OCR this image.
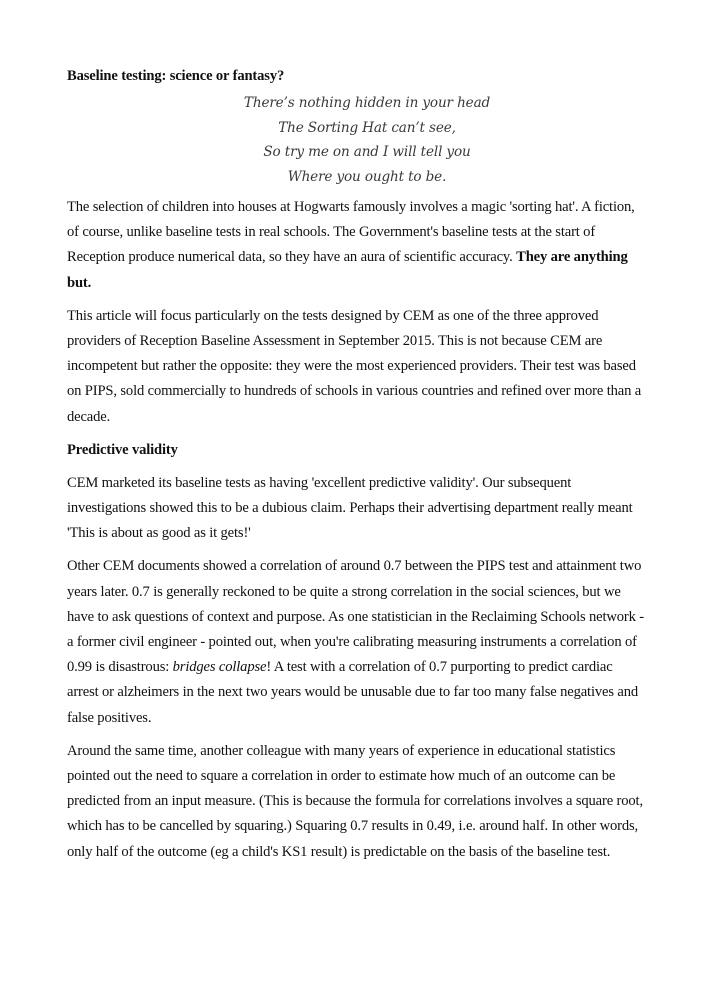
Baseline testing: science or fantasy?
There’s nothing hidden in your head
The Sorting Hat can’t see,
So try me on and I will tell you
Where you ought to be.

The selection of children into houses at Hogwarts famously involves a magic 'sorting hat'. A fiction, of course, unlike baseline tests in real schools. The Government's baseline tests at the start of Reception produce numerical data, so they have an aura of scientific accuracy. They are anything but.

This article will focus particularly on the tests designed by CEM as one of the three approved providers of Reception Baseline Assessment in September 2015. This is not because CEM are incompetent but rather the opposite: they were the most experienced providers. Their test was based on PIPS, sold commercially to hundreds of schools in various countries and refined over more than a decade.

Predictive validity

CEM marketed its baseline tests as having 'excellent predictive validity'. Our subsequent investigations showed this to be a dubious claim. Perhaps their advertising department really meant 'This is about as good as it gets!'

Other CEM documents showed a correlation of around 0.7 between the PIPS test and attainment two years later. 0.7 is generally reckoned to be quite a strong correlation in the social sciences, but we have to ask questions of context and purpose. As one statistician in the Reclaiming Schools network - a former civil engineer - pointed out, when you're calibrating measuring instruments a correlation of 0.99 is disastrous: bridges collapse! A test with a correlation of 0.7 purporting to predict cardiac arrest or alzheimers in the next two years would be unusable due to far too many false negatives and false positives.

Around the same time, another colleague with many years of experience in educational statistics pointed out the need to square a correlation in order to estimate how much of an outcome can be predicted from an input measure. (This is because the formula for correlations involves a square root, which has to be cancelled by squaring.) Squaring 0.7 results in 0.49, i.e. around half. In other words, only half of the outcome (eg a child's KS1 result) is predictable on the basis of the baseline test.
